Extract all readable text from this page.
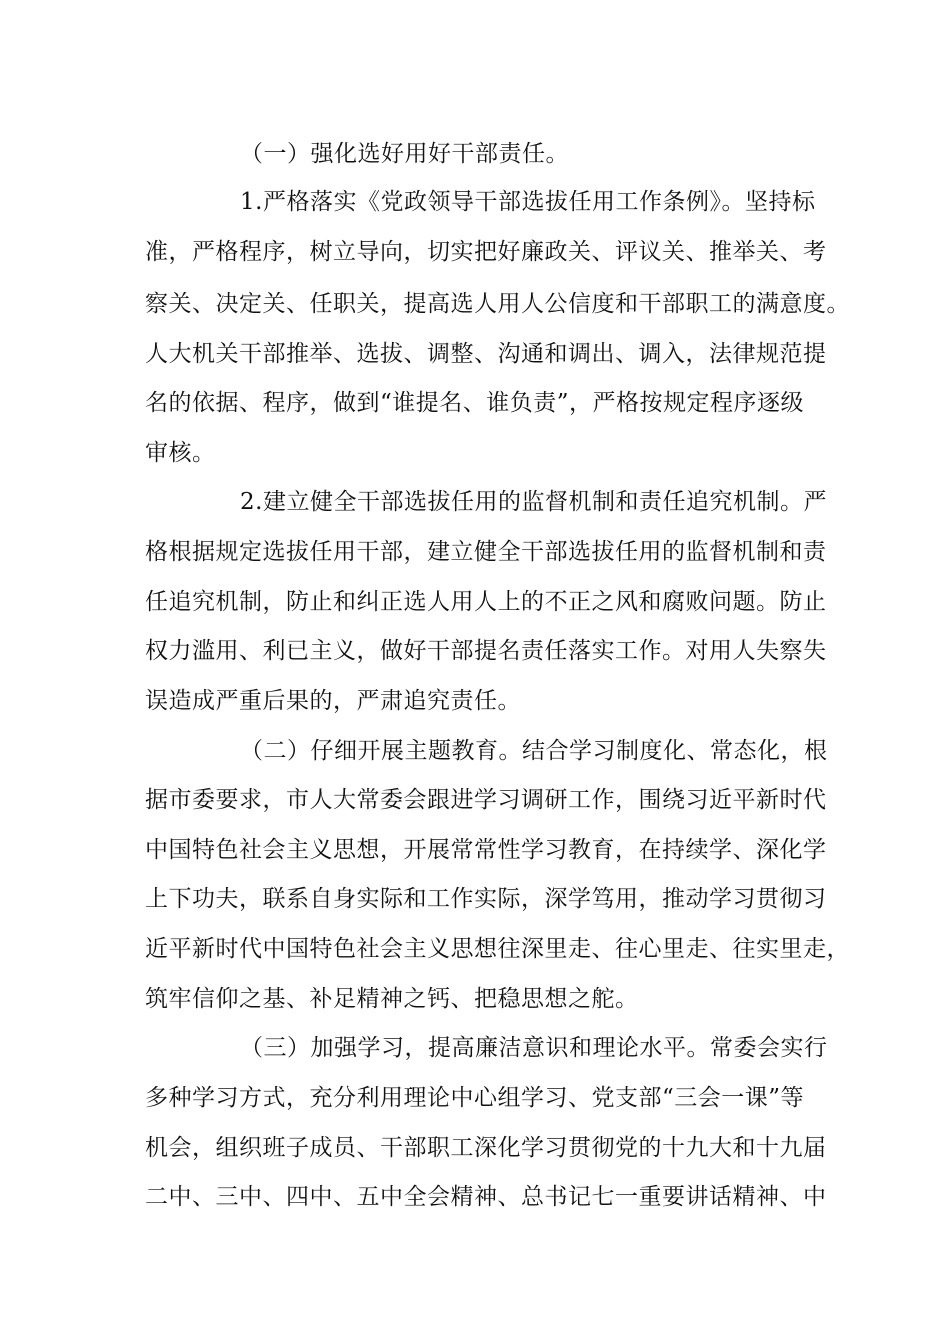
（一）强化选好用好干部责任。
1.严格落实《党政领导干部选拔任用工作条例》。坚持标
准，严格程序，树立导向，切实把好廉政关、评议关、推举关、考
察关、决定关、任职关，提高选人用人公信度和干部职工的满意度。
人大机关干部推举、选拔、调整、沟通和调出、调入，法律规范提
名的依据、程序，做到“谁提名、谁负责”，严格按规定程序逐级
审核。
2.建立健全干部选拔任用的监督机制和责任追究机制。严
格根据规定选拔任用干部，建立健全干部选拔任用的监督机制和责
任追究机制，防止和纠正选人用人上的不正之风和腐败问题。防止
权力滥用、利已主义，做好干部提名责任落实工作。对用人失察失
误造成严重后果的，严肃追究责任。
（二）仔细开展主题教育。结合学习制度化、常态化，根
据市委要求，市人大常委会跟进学习调研工作，围绕习近平新时代
中国特色社会主义思想，开展常常性学习教育，在持续学、深化学
上下功夫，联系自身实际和工作实际，深学笃用，推动学习贯彻习
近平新时代中国特色社会主义思想往深里走、往心里走、往实里走，
筑牢信仰之基、补足精神之钙、把稳思想之舵。
（三）加强学习，提高廉洁意识和理论水平。常委会实行
多种学习方式，充分利用理论中心组学习、党支部“三会一课”等
机会，组织班子成员、干部职工深化学习贯彻党的十九大和十九届
二中、三中、四中、五中全会精神、总书记七一重要讲话精神、中
